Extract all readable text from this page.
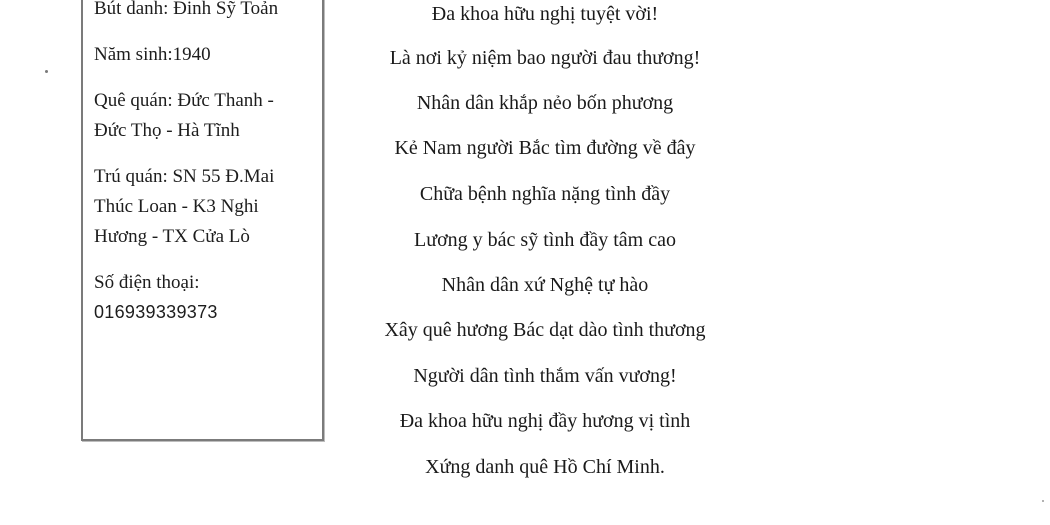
Bút danh: Đinh Sỹ Toản

Năm sinh:1940

Quê quán: Đức Thanh -

Đức Thọ - Hà Tĩnh

Trú quán: SN 55 Đ.Mai

Thúc Loan - K3 Nghi

Hương - TX Cửa Lò

Số điện thoại:

016939339373

Đa khoa hữu nghị tuyệt vời!

Là nơi kỷ niệm bao người đau thương!

Nhân dân khắp nẻo bốn phương

Kẻ Nam người Bắc tìm đường về đây

Chữa bệnh nghĩa nặng tình đầy

Lương y bác sỹ tình đầy tâm cao

Nhân dân xứ Nghệ tự hào

Xây quê hương Bác dạt dào tình thương

Người dân tình thắm vấn vương!

Đa khoa hữu nghị đầy hương vị tình

Xứng danh quê Hồ Chí Minh.
